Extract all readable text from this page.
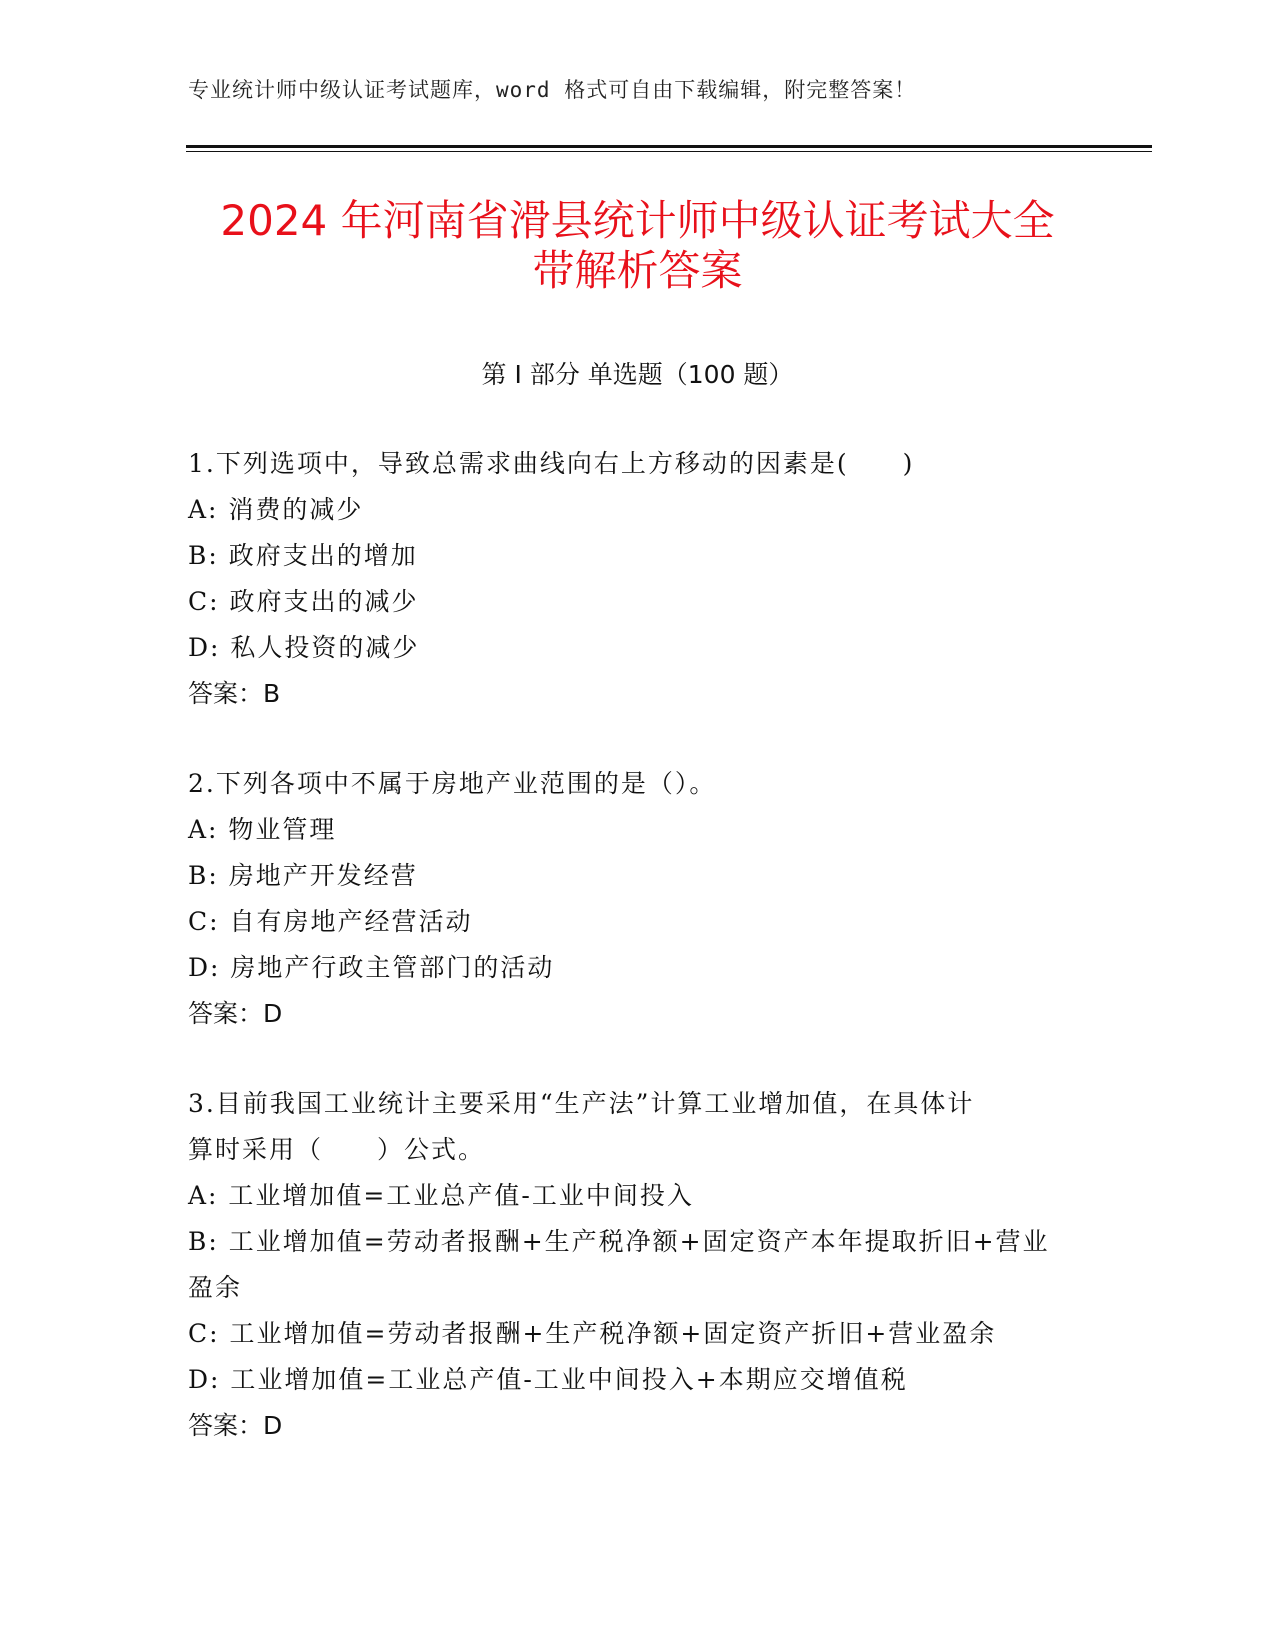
专业统计师中级认证考试题库，word 格式可自由下载编辑，附完整答案！
2024 年河南省滑县统计师中级认证考试大全
带解析答案
第 I 部分 单选题（100 题）
1.下列选项中，导致总需求曲线向右上方移动的因素是(　　)
A: 消费的减少
B: 政府支出的增加
C: 政府支出的减少
D: 私人投资的减少
答案：B
2.下列各项中不属于房地产业范围的是（）。
A: 物业管理
B: 房地产开发经营
C: 自有房地产经营活动
D: 房地产行政主管部门的活动
答案：D
3.目前我国工业统计主要采用“生产法”计算工业增加值，在具体计
算时采用（　　）公式。
A: 工业增加值=工业总产值-工业中间投入
B: 工业增加值=劳动者报酬+生产税净额+固定资产本年提取折旧+营业
盈余
C: 工业增加值=劳动者报酬+生产税净额+固定资产折旧+营业盈余
D: 工业增加值=工业总产值-工业中间投入+本期应交增值税
答案：D
